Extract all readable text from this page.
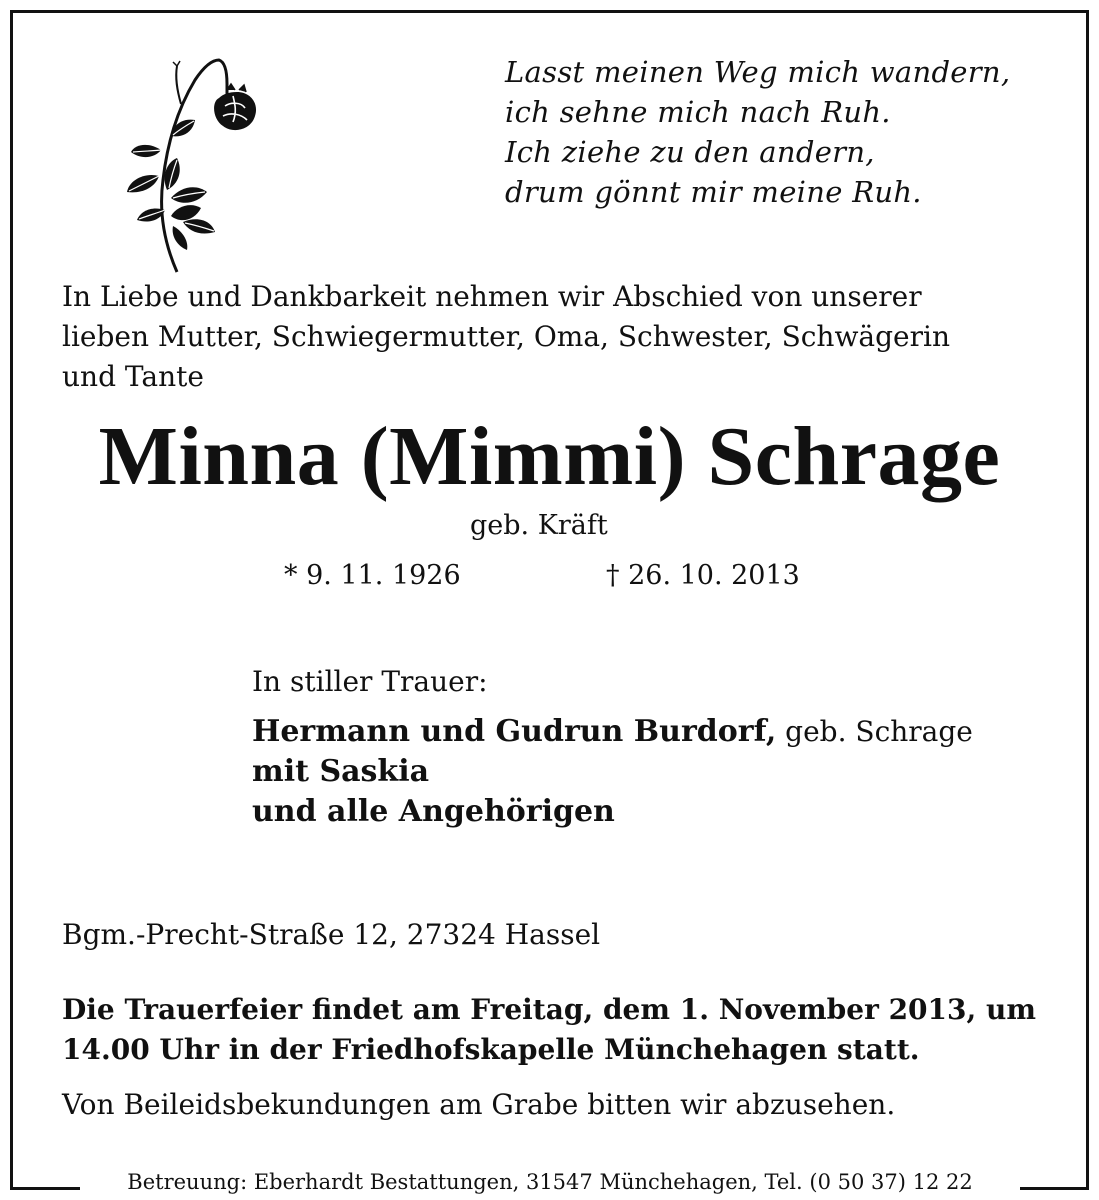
Lasst meinen Weg mich wandern,
ich sehne mich nach Ruh.
Ich ziehe zu den andern,
drum gönnt mir meine Ruh.
In Liebe und Dankbarkeit nehmen wir Abschied von unserer
lieben Mutter, Schwiegermutter, Oma, Schwester, Schwägerin
und Tante
Minna (Mimmi) Schrage
geb. Kräft
* 9. 11. 1926	† 26. 10. 2013
In stiller Trauer:
Hermann und Gudrun Burdorf, geb. Schrage
mit Saskia
und alle Angehörigen
Bgm.-Precht-Straße 12, 27324 Hassel
Die Trauerfeier findet am Freitag, dem 1. November 2013, um
14.00 Uhr in der Friedhofskapelle Münchehagen statt.
Von Beileidsbekundungen am Grabe bitten wir abzusehen.
Betreuung: Eberhardt Bestattungen, 31547 Münchehagen, Tel. (0 50 37) 12 22
